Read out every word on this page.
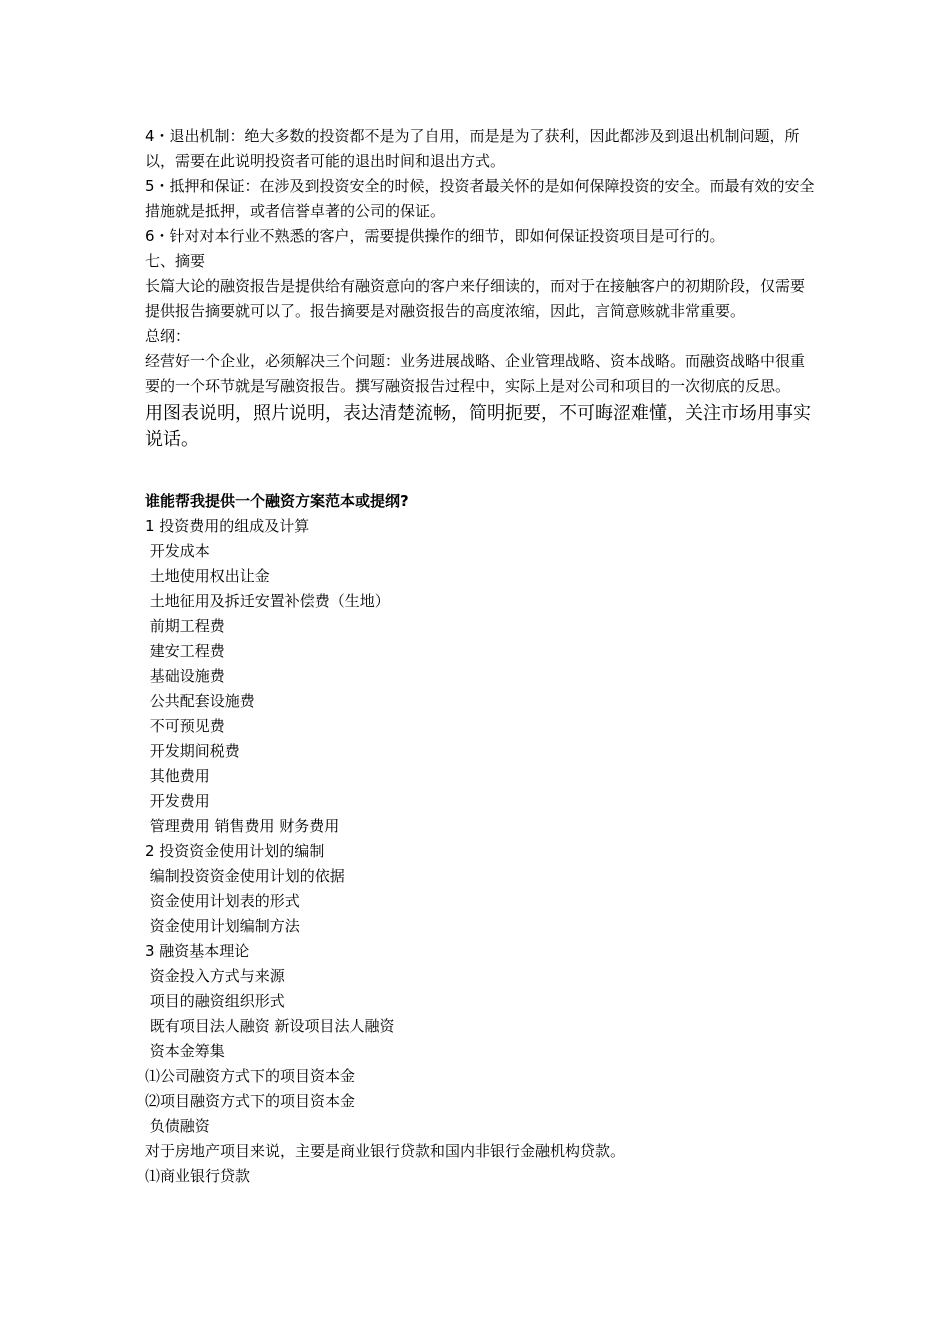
4・退出机制：绝大多数的投资都不是为了自用，而是是为了获利，因此都涉及到退出机制问题，所以，需要在此说明投资者可能的退出时间和退出方式。

5・抵押和保证：在涉及到投资安全的时候，投资者最关怀的是如何保障投资的安全。而最有效的安全措施就是抵押，或者信誉卓著的公司的保证。

6・针对对本行业不熟悉的客户，需要提供操作的细节，即如何保证投资项目是可行的。

七、摘要

长篇大论的融资报告是提供给有融资意向的客户来仔细读的，而对于在接触客户的初期阶段，仅需要提供报告摘要就可以了。报告摘要是对融资报告的高度浓缩，因此，言简意赅就非常重要。

总纲：

经营好一个企业，必须解决三个问题：业务进展战略、企业管理战略、资本战略。而融资战略中很重要的一个环节就是写融资报告。撰写融资报告过程中，实际上是对公司和项目的一次彻底的反思。

用图表说明，照片说明，表达清楚流畅，简明扼要，不可晦涩难懂，关注市场用事实说话。

谁能帮我提供一个融资方案范本或提纲?

1 投资费用的组成及计算
开发成本
土地使用权出让金
土地征用及拆迁安置补偿费（生地）
前期工程费
建安工程费
基础设施费
公共配套设施费
不可预见费
开发期间税费
其他费用
开发费用
管理费用 销售费用 财务费用
2 投资资金使用计划的编制
编制投资资金使用计划的依据
资金使用计划表的形式
资金使用计划编制方法
3 融资基本理论
资金投入方式与来源
项目的融资组织形式
既有项目法人融资 新设项目法人融资
资本金筹集
⑴公司融资方式下的项目资本金
⑵项目融资方式下的项目资本金
负债融资
对于房地产项目来说，主要是商业银行贷款和国内非银行金融机构贷款。
⑴商业银行贷款
